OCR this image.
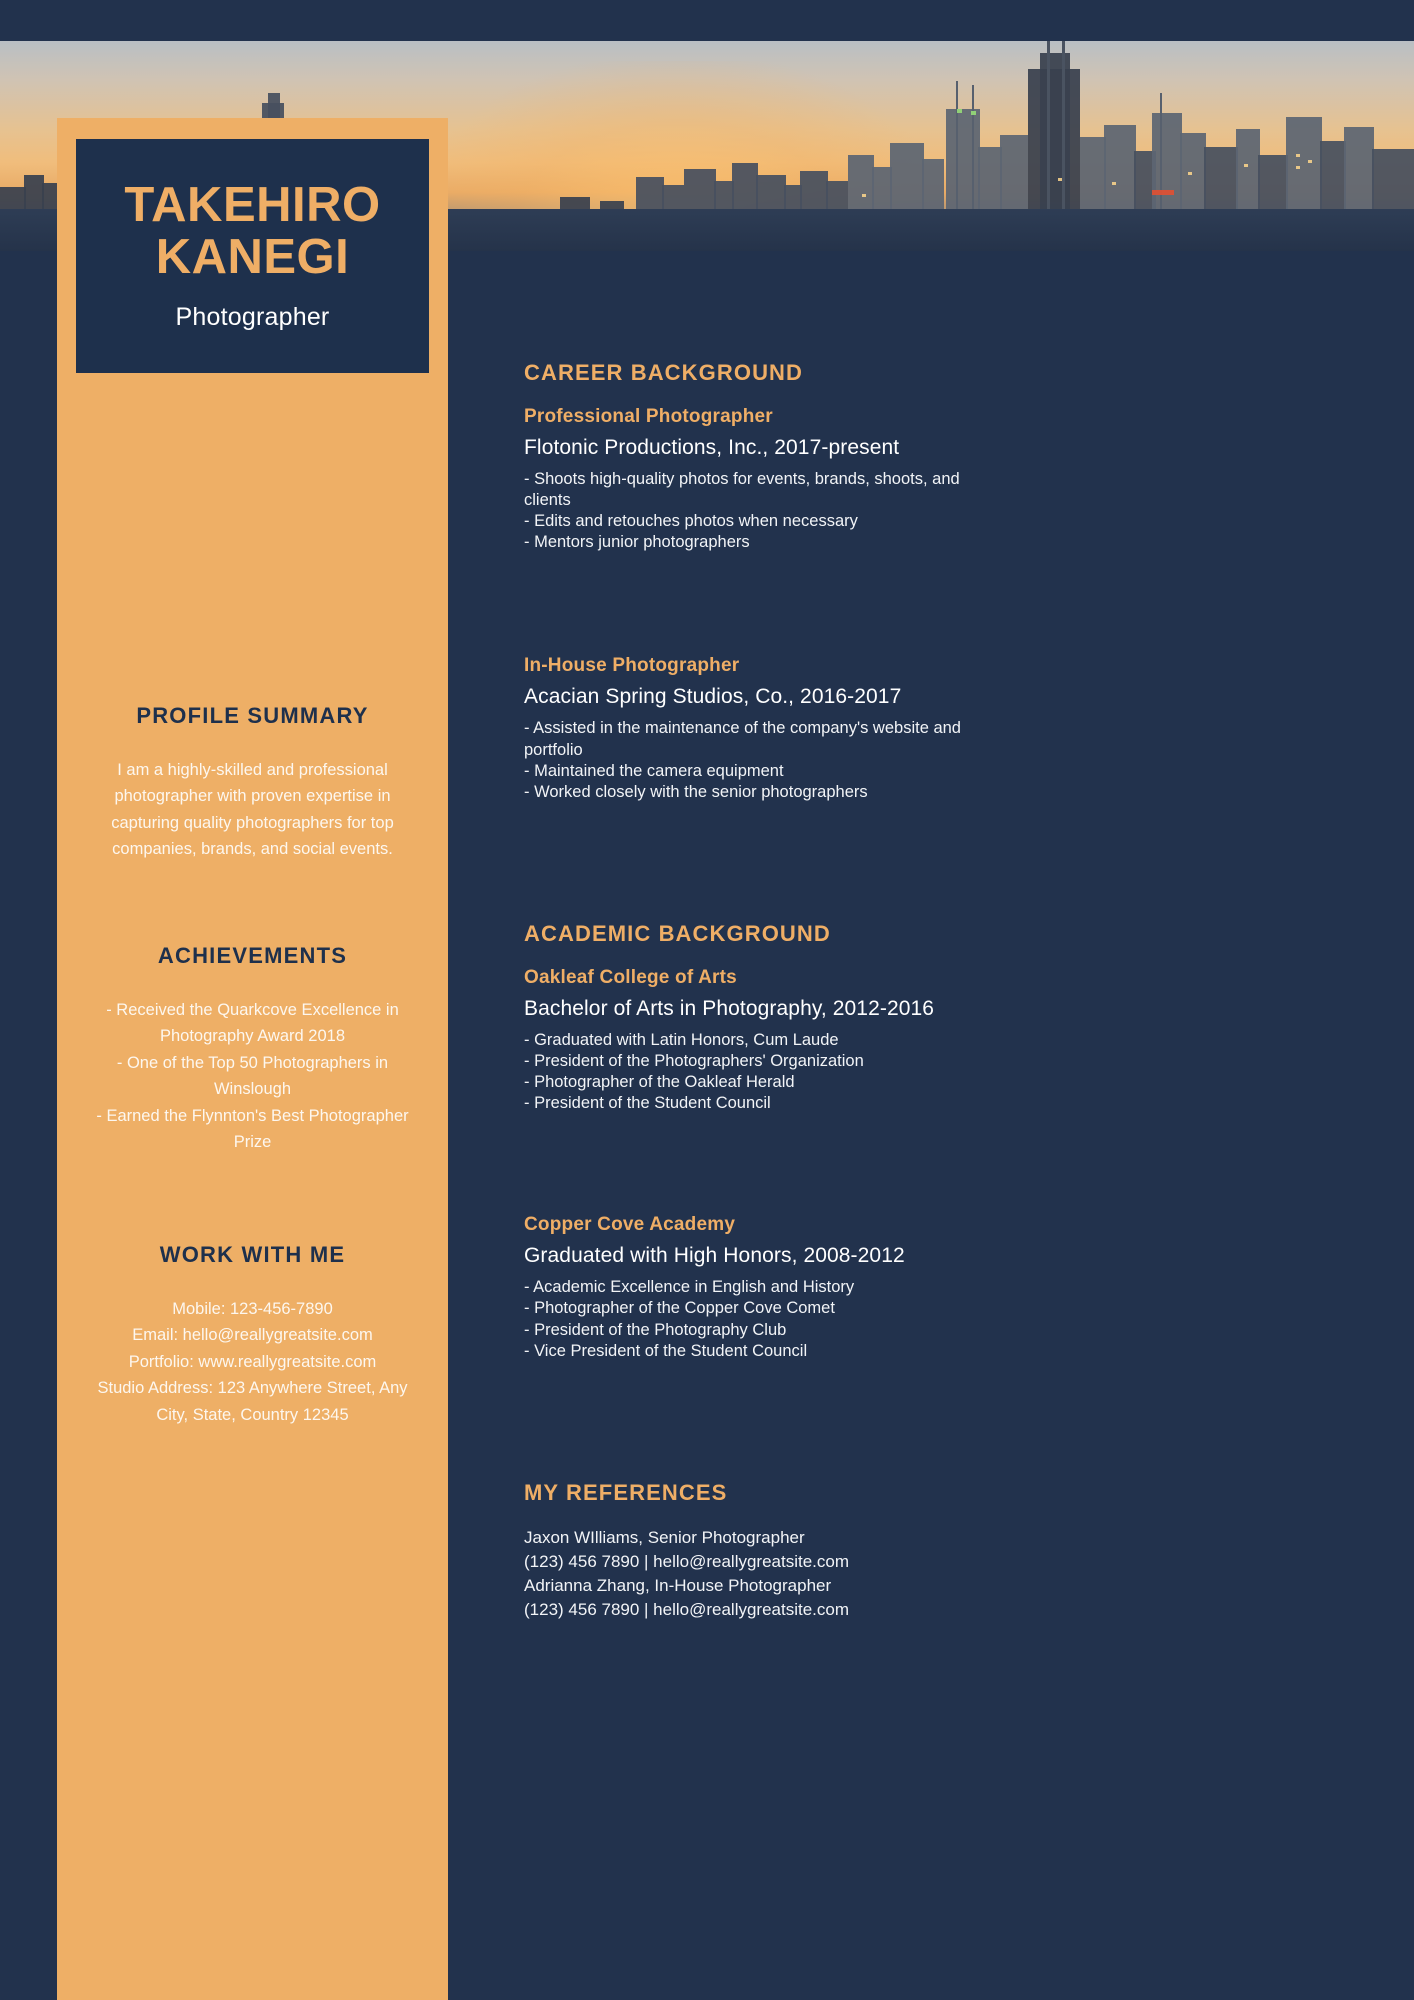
TAKEHIRO
KANEGI
Photographer
PROFILE SUMMARY
I am a highly-skilled and professional
photographer with proven expertise in
capturing quality photographers for top
companies, brands, and social events.
ACHIEVEMENTS
- Received the Quarkcove Excellence in
Photography Award 2018
- One of the Top 50 Photographers in
Winslough
- Earned the Flynnton's Best Photographer
Prize
WORK WITH ME
Mobile: 123-456-7890
Email: hello@reallygreatsite.com
Portfolio: www.reallygreatsite.com
Studio Address: 123 Anywhere Street, Any
City, State, Country 12345
CAREER BACKGROUND
Professional Photographer
Flotonic Productions, Inc., 2017-present
- Shoots high-quality photos for events, brands, shoots, and
clients
- Edits and retouches photos when necessary
- Mentors junior photographers
In-House Photographer
Acacian Spring Studios, Co., 2016-2017
- Assisted in the maintenance of the company's website and
portfolio
- Maintained the camera equipment
- Worked closely with the senior photographers
ACADEMIC BACKGROUND
Oakleaf College of Arts
Bachelor of Arts in Photography, 2012-2016
- Graduated with Latin Honors, Cum Laude
- President of the Photographers' Organization
- Photographer of the Oakleaf Herald
- President of the Student Council
Copper Cove Academy
Graduated with High Honors, 2008-2012
- Academic Excellence in English and History
- Photographer of the Copper Cove Comet
- President of the Photography Club
- Vice President of the Student Council
MY REFERENCES
Jaxon WIlliams, Senior Photographer
(123) 456 7890 | hello@reallygreatsite.com
Adrianna Zhang, In-House Photographer
(123) 456 7890 | hello@reallygreatsite.com
